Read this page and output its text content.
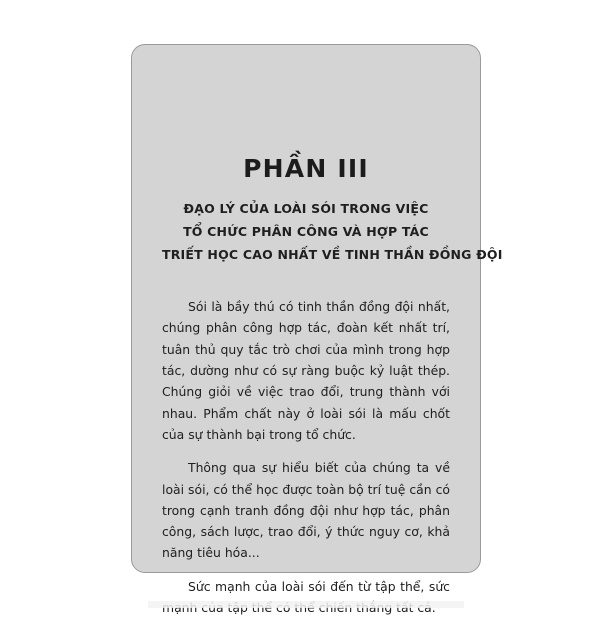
PHẦN III
ĐẠO LÝ CỦA LOÀI SÓI TRONG VIỆC
TỔ CHỨC PHÂN CÔNG VÀ HỢP TÁC
TRIẾT HỌC CAO NHẤT VỀ TINH THẦN ĐỒNG ĐỘI

Sói là bầy thú có tinh thần đồng đội nhất, chúng phân công hợp tác, đoàn kết nhất trí, tuân thủ quy tắc trò chơi của mình trong hợp tác, dường như có sự ràng buộc kỷ luật thép. Chúng giỏi về việc trao đổi, trung thành với nhau. Phẩm chất này ở loài sói là mấu chốt của sự thành bại trong tổ chức.

Thông qua sự hiểu biết của chúng ta về loài sói, có thể học được toàn bộ trí tuệ cần có trong cạnh tranh đồng đội như hợp tác, phân công, sách lược, trao đổi, ý thức nguy cơ, khả năng tiêu hóa...

Sức mạnh của loài sói đến từ tập thể, sức
